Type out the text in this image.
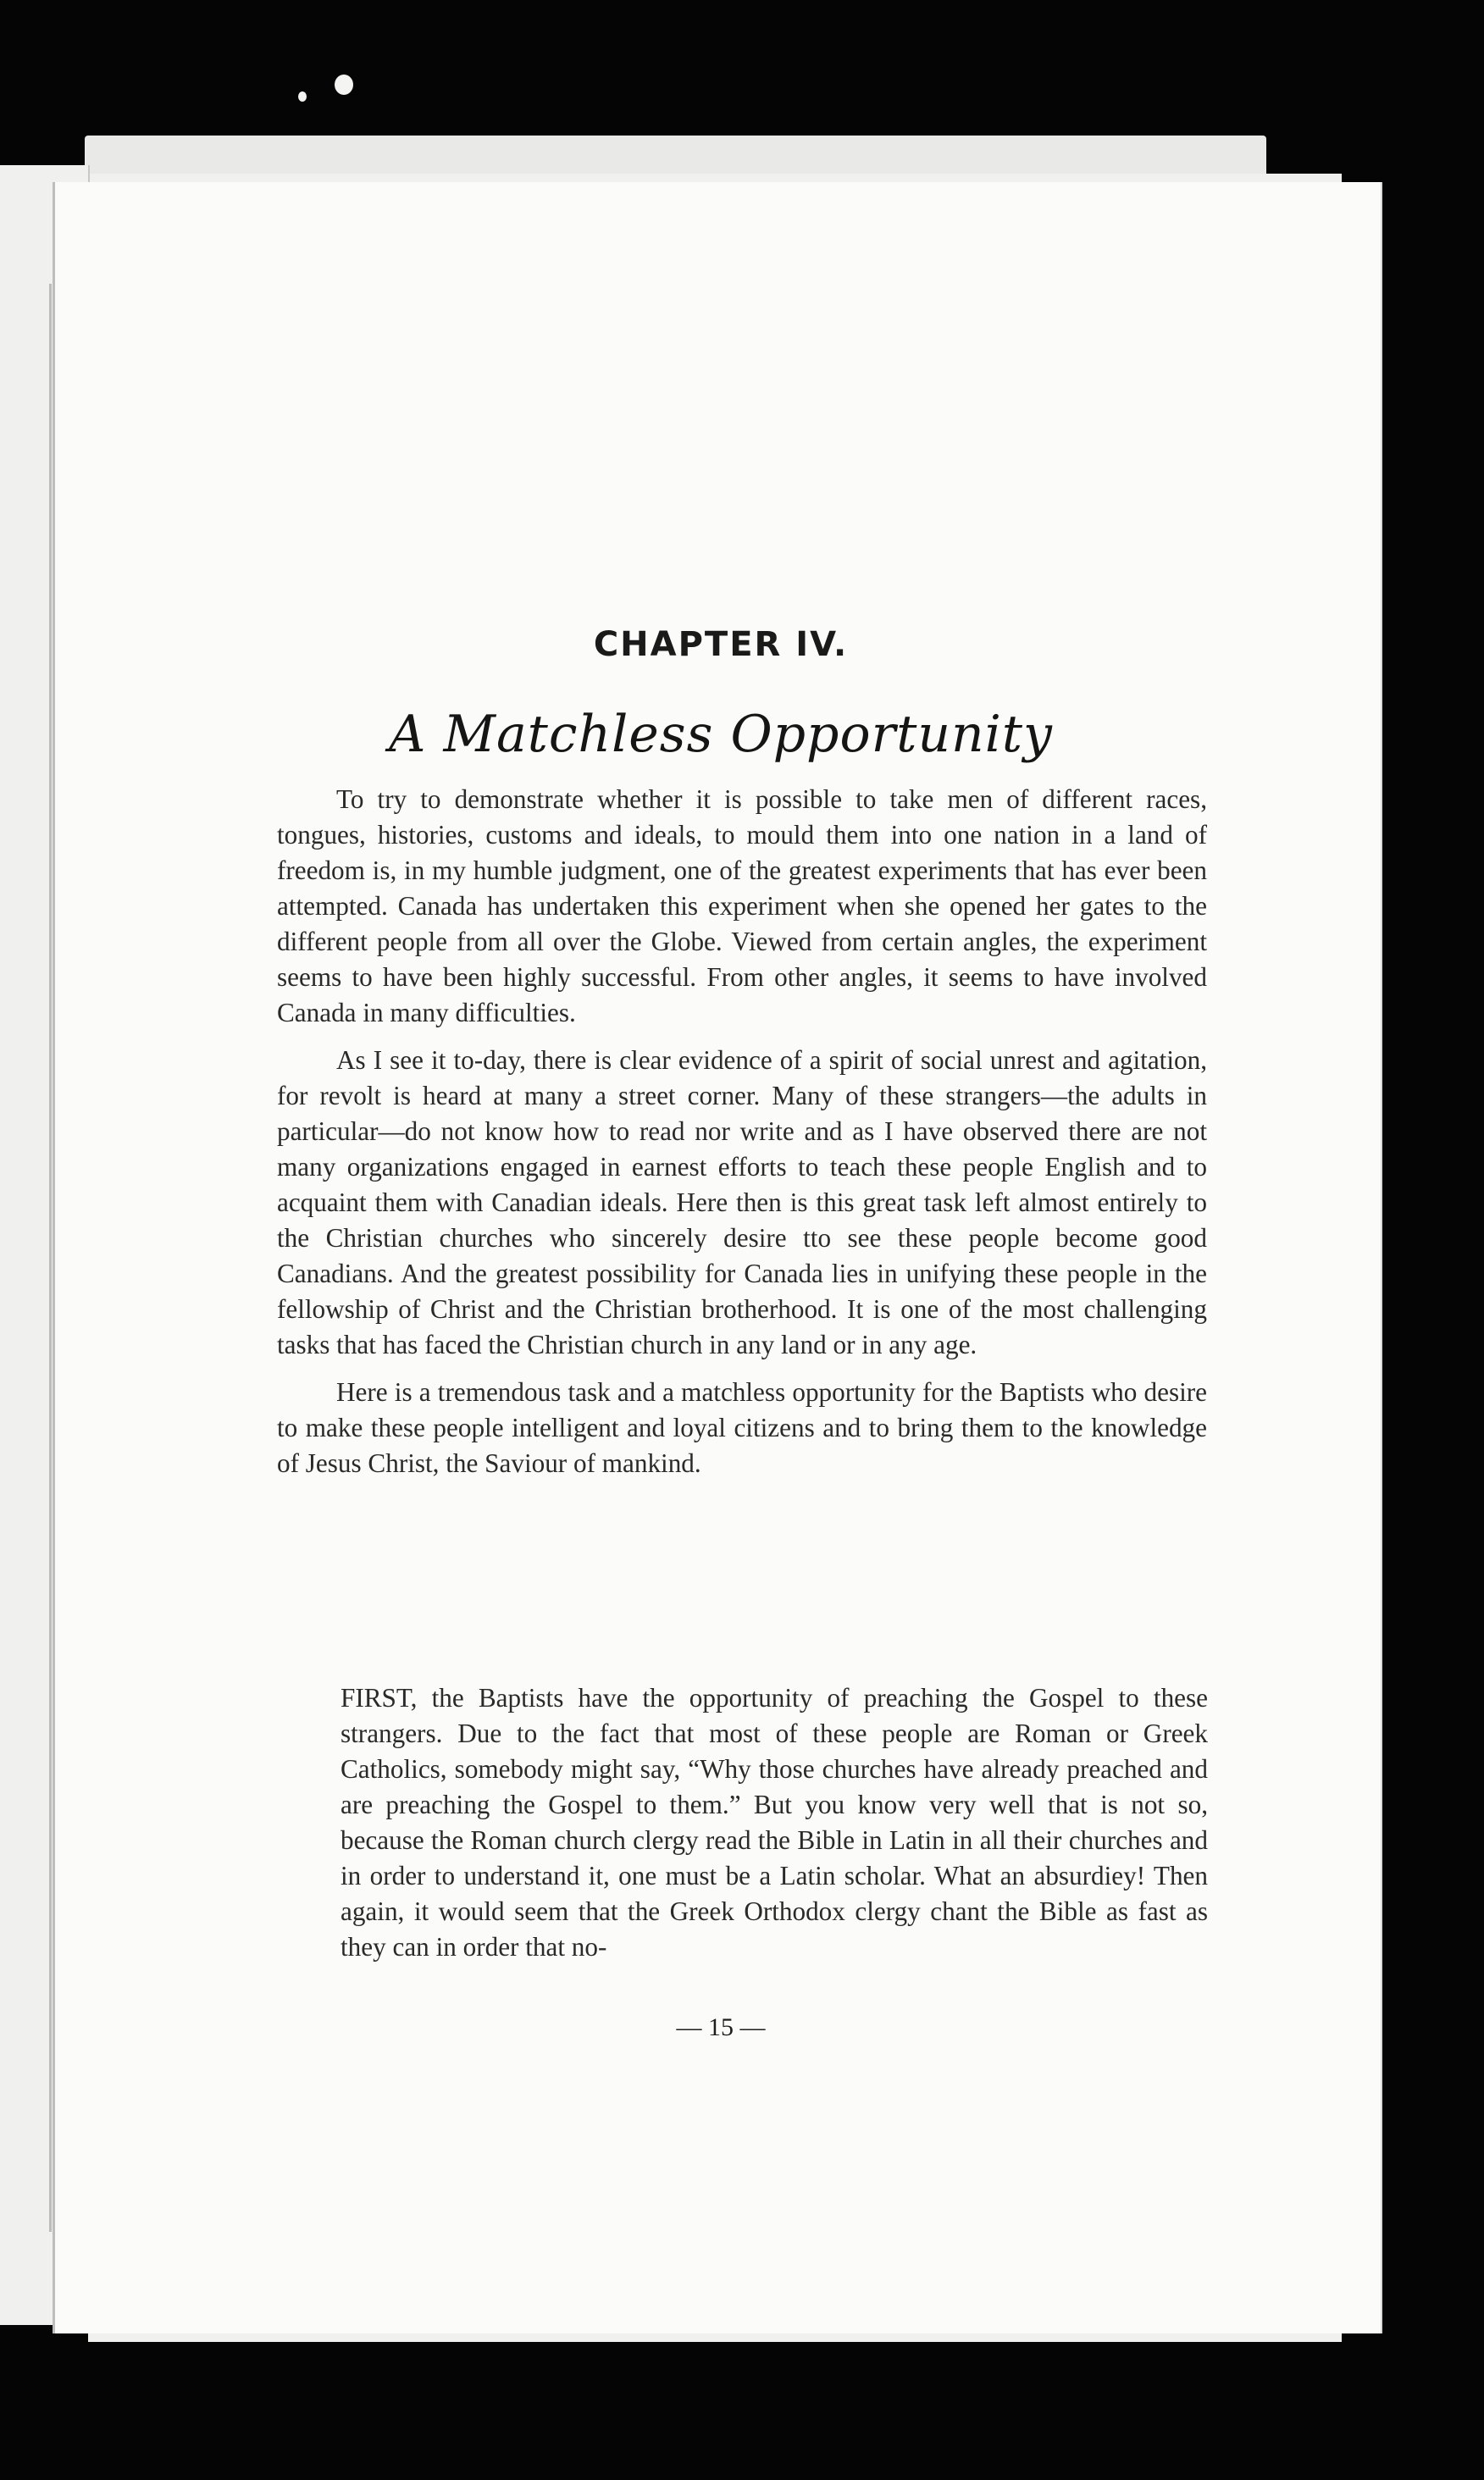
CHAPTER IV.
A Matchless Opportunity

To try to demonstrate whether it is possible to take men of different races, tongues, histories, customs and ideals, to mould them into one nation in a land of freedom is, in my humble judgment, one of the greatest experiments that has ever been attempted. Canada has undertaken this experiment when she opened her gates to the different people from all over the Globe. Viewed from certain angles, the experiment seems to have been highly successful. From other angles, it seems to have involved Canada in many difficulties.

As I see it to-day, there is clear evidence of a spirit of social unrest and agitation, for revolt is heard at many a street corner. Many of these strangers—the adults in particular—do not know how to read nor write and as I have observed there are not many organizations engaged in earnest efforts to teach these people English and to acquaint them with Canadian ideals. Here then is this great task left almost entirely to the Christian churches who sincerely desire tto see these people become good Canadians. And the greatest possibility for Canada lies in unifying these people in the fellowship of Christ and the Christian brotherhood. It is one of the most challenging tasks that has faced the Christian church in any land or in any age.

Here is a tremendous task and a matchless opportunity for the Baptists who desire to make these people intelligent and loyal citizens and to bring them to the knowledge of Jesus Christ, the Saviour of mankind.

FIRST, the Baptists have the opportunity of preaching the Gospel to these strangers. Due to the fact that most of these people are Roman or Greek Catholics, somebody might say, “Why those churches have already preached and are preaching the Gospel to them.” But you know very well that is not so, because the Roman church clergy read the Bible in Latin in all their churches and in order to understand it, one must be a Latin scholar. What an absurdiey! Then again, it would seem that the Greek Orthodox clergy chant the Bible as fast as they can in order that no-

— 15 —
